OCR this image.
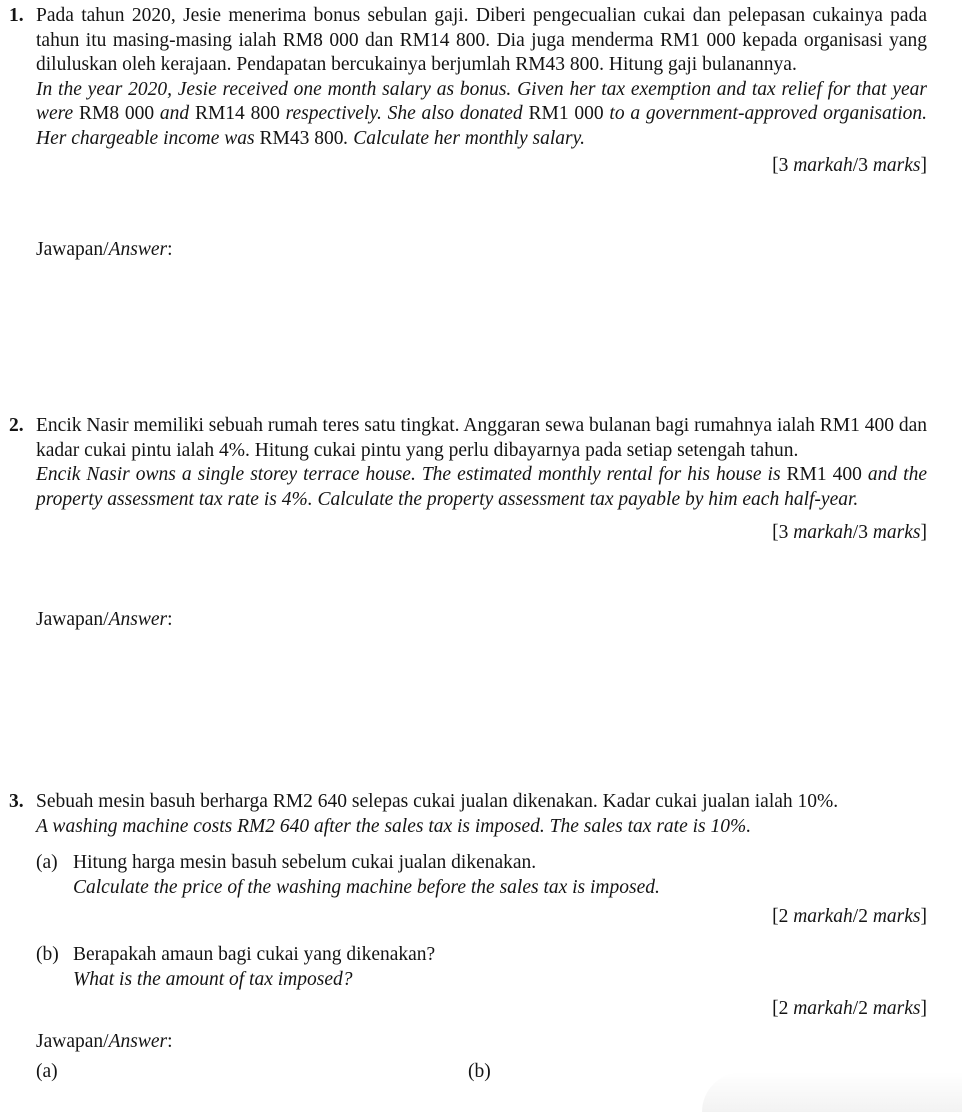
1. Pada tahun 2020, Jesie menerima bonus sebulan gaji. Diberi pengecualian cukai dan pelepasan cukainya pada tahun itu masing-masing ialah RM8 000 dan RM14 800. Dia juga menderma RM1 000 kepada organisasi yang diluluskan oleh kerajaan. Pendapatan bercukainya berjumlah RM43 800. Hitung gaji bulanannya.
In the year 2020, Jesie received one month salary as bonus. Given her tax exemption and tax relief for that year were RM8 000 and RM14 800 respectively. She also donated RM1 000 to a government-approved organisation. Her chargeable income was RM43 800. Calculate her monthly salary.
[3 markah/3 marks]
Jawapan/Answer:
2. Encik Nasir memiliki sebuah rumah teres satu tingkat. Anggaran sewa bulanan bagi rumahnya ialah RM1 400 dan kadar cukai pintu ialah 4%. Hitung cukai pintu yang perlu dibayarnya pada setiap setengah tahun.
Encik Nasir owns a single storey terrace house. The estimated monthly rental for his house is RM1 400 and the property assessment tax rate is 4%. Calculate the property assessment tax payable by him each half-year.
[3 markah/3 marks]
Jawapan/Answer:
3. Sebuah mesin basuh berharga RM2 640 selepas cukai jualan dikenakan. Kadar cukai jualan ialah 10%.
A washing machine costs RM2 640 after the sales tax is imposed. The sales tax rate is 10%.
(a) Hitung harga mesin basuh sebelum cukai jualan dikenakan.
Calculate the price of the washing machine before the sales tax is imposed.
[2 markah/2 marks]
(b) Berapakah amaun bagi cukai yang dikenakan?
What is the amount of tax imposed?
[2 markah/2 marks]
Jawapan/Answer:
(a)	(b)
